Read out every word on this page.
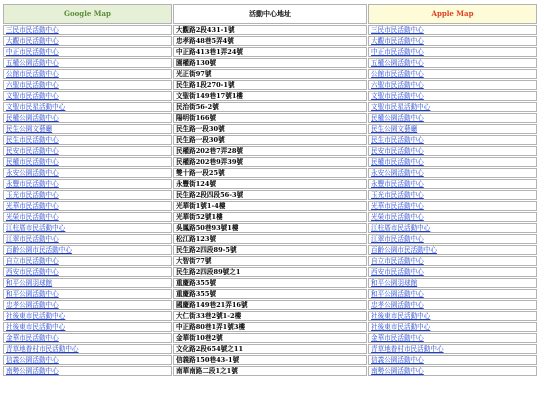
Google Map	活動中心地址	Apple Map
三民市民活動中心	大觀路2段431-1號	三民市民活動中心
大觀市民活動中心	忠孝路48巷5弄4號	大觀市民活動中心
中正市民活動中心	中正路413巷1弄24號	中正市民活動中心
五權公園活動中心	園權路130號	五權公園活動中心
公館市民活動中心	光正街97號	公館市民活動中心
六聖市民活動中心	民生路1段270-1號	六聖市民活動中心
文聖市民活動中心	文聖街149巷17號1樓	文聖市民活動中心
文聖市民星活動中心	民治街56-2號	文聖市民星活動中心
民權公園活動中心	陽明街166號	民權公園活動中心
民生公園文藝廳	民生路一段30號	民生公園文藝廳
民生市民活動中心	民生路一段30號	民生市民活動中心
民安市民活動中心	民權路202巷7弄28號	民安市民活動中心
民權市民活動中心	民權路202巷9弄39號	民權市民活動中心
永安公園活動中心	雙十路一段25號	永安公園活動中心
永豐市民活動中心	永豐街124號	永豐市民活動中心
玉光市民活動中心	民生路2段四段56-3號	玉光市民活動中心
光華市民活動中心	光華街1號1-4樓	光華市民活動中心
光榮市民活動中心	光華街52號1樓	光榮市民活動中心
江柱厝市民活動中心	吳鳳路50巷93號1樓	江柱厝市民活動中心
江翠市民活動中心	松江路123號	江翠市民活動中心
百齡公園市民活動中心	民生路2四段89-5號	百齡公園市民活動中心
自立市民活動中心	大智街77號	自立市民活動中心
西安市民活動中心	民生路2四段89號之1	西安市民活動中心
和平公園羽球館	重慶路355號	和平公園羽球館
和平公園活動中心	重慶路355號	和平公園活動中心
忠孝公園活動中心	國慶路149巷21弄16號	忠孝公園活動中心
社後東市民活動中心	大仁街33巷2號1-2樓	社後東市民活動中心
社後東市民活動中心	中正路80巷1弄1號3樓	社後東市民活動中心
金華市民活動中心	金華街10巷2號	金華市民活動中心
青草地眷村市民活動中心	文化路2段654號之11	青草地眷村市民活動中心
信義公園活動中心	信義路150巷43-1號	信義公園活動中心
南勢公園活動中心	南華南路二段1之1號	南勢公園活動中心
